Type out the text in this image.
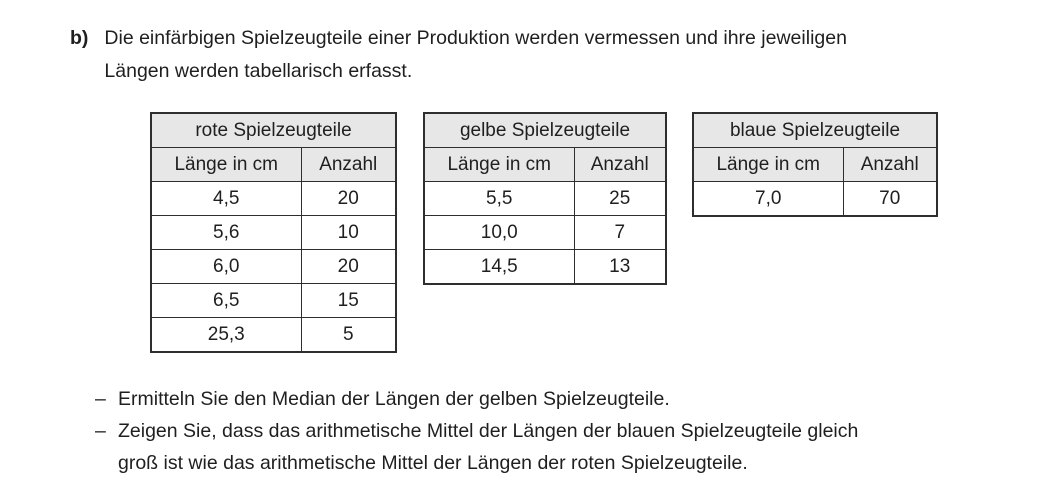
b) Die einfärbigen Spielzeugteile einer Produktion werden vermessen und ihre jeweiligen
Längen werden tabellarisch erfasst.
rote Spielzeugteile	
Länge in cm	Anzahl
4,5	20
5,6	10
6,0	20
6,5	15
25,3	5
gelbe Spielzeugteile	
Länge in cm	Anzahl
5,5	25
10,0	7
14,5	13
blaue Spielzeugteile	
Länge in cm	Anzahl
7,0	70
– Ermitteln Sie den Median der Längen der gelben Spielzeugteile.
– Zeigen Sie, dass das arithmetische Mittel der Längen der blauen Spielzeugteile gleich
groß ist wie das arithmetische Mittel der Längen der roten Spielzeugteile.
